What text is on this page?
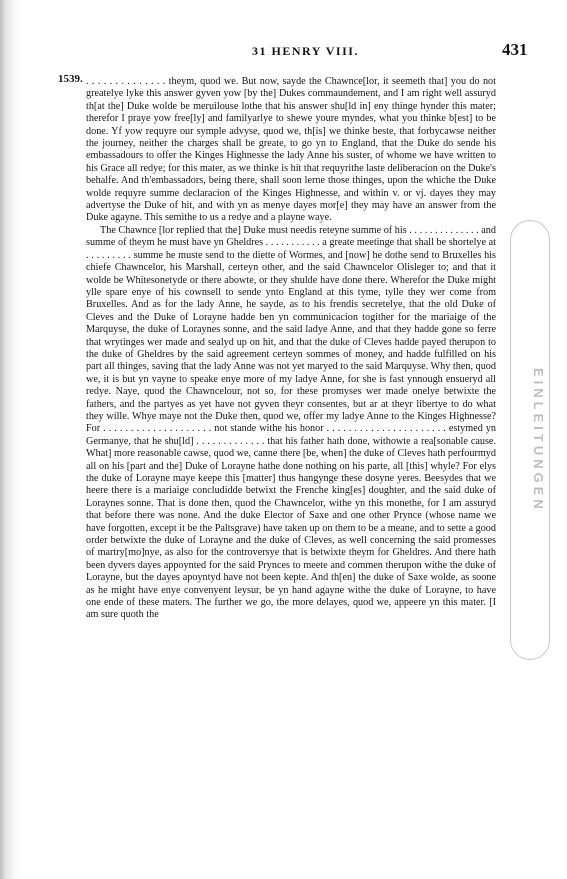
31 HENRY VIII.	431
1539.
EINLEITUNGEN

. . . . . . . . . . . . . . theym, quod we. But now, sayde the Chawnce[lor, it seemeth that] you do not greatelye lyke this answer gyven yow [by the] Dukes commaundement, and I am right well assuryd th[at the] Duke wolde be meruilouse lothe that his answer shu[ld in] eny thinge hynder this mater; therefor I praye yow free[ly] and familyarlye to shewe youre myndes, what you thinke b[est] to be done. Yf yow requyre our symple advyse, quod we, th[is] we thinke beste, that forbycawse neither the journey, neither the charges shall be greate, to go yn to England, that the Duke do sende his embassadours to offer the Kinges Highnesse the lady Anne his suster, of whome we have written to his Grace all redye; for this mater, as we thinke is hit that requyrithe laste deliberacion on the Duke's behalfe. And th'embassadors, being there, shall soon lerne those thinges, upon the whiche the Duke wolde requyre summe declaracion of the Kinges Highnesse, and within v. or vj. dayes they may advertyse the Duke of hit, and with yn as menye dayes mor[e] they may have an answer from the Duke agayne. This semithe to us a redye and a playne waye.

The Chawnce [lor replied that the] Duke must needis reteyne summe of his . . . . . . . . . . . . . . and summe of theym he must have yn Gheldres . . . . . . . . . . . a greate meetinge that shall be shortelye at . . . . . . . . . summe he muste send to the diette of Wormes, and [now] he dothe send to Bruxelles his chiefe Chawncelor, his Marshall, certeyn other, and the said Chawncelor Olisleger to; and that it wolde be Whitesonetyde or there abowte, or they shulde have done there. Wherefor the Duke might ylle spare enye of his cownsell to sende ynto England at this tyme, tylle they wer come from Bruxelles. And as for the lady Anne, he sayde, as to his frendis secretelye, that the old Duke of Cleves and the Duke of Lorayne hadde ben yn communicacion togither for the mariaige of the Marquyse, the duke of Loraynes sonne, and the said ladye Anne, and that they hadde gone so ferre that wrytinges wer made and sealyd up on hit, and that the duke of Cleves hadde payed therupon to the duke of Gheldres by the said agreement certeyn sommes of money, and hadde fulfilled on his part all thinges, saving that the lady Anne was not yet maryed to the said Marquyse. Why then, quod we, it is but yn vayne to speake enye more of my ladye Anne, for she is fast ynnough ensueryd all redye. Naye, quod the Chawncelour, not so, for these promyses wer made onelye betwixte the fathers, and the partyes as yet have not gyven theyr consentes, but ar at theyr libertye to do what they wille. Whye maye not the Duke then, quod we, offer my ladye Anne to the Kinges Highnesse? For . . . . . . . . . . . . . . . . . . . . not stande withe his honor . . . . . . . . . . . . . . . . . . . . . . estymed yn Germanye, that he shu[ld] . . . . . . . . . . . . . that his father hath done, withowte a rea[sonable cause. What] more reasonable cawse, quod we, canne there [be, when] the duke of Cleves hath perfourmyd all on his [part and the] Duke of Lorayne hathe done nothing on his parte, all [this] whyle? For elys the duke of Lorayne maye keepe this [matter] thus hangynge these dosyne yeres. Beesydes that we heere there is a mariaige concludidde betwixt the Frenche king[es] doughter, and the said duke of Loraynes sonne. That is done then, quod the Chawncelor, withe yn this monethe, for I am assuryd that before there was none. And the duke Elector of Saxe and one other Prynce (whose name we have forgotten, except it be the Paltsgrave) have taken up on them to be a meane, and to sette a good order betwixte the duke of Lorayne and the duke of Cleves, as well concerning the said promesses of martry[mo]nye, as also for the controversye that is betwixte theym for Gheldres. And there hath been dyvers dayes appoynted for the said Prynces to meete and commen therupon withe the duke of Lorayne, but the dayes apoyntyd have not been kepte. And th[en] the duke of Saxe wolde, as soone as he might have enye convenyent leysur, be yn hand agayne withe the duke of Lorayne, to have one ende of these maters. The further we go, the more delayes, quod we, appeere yn this mater. [I am sure quoth the
